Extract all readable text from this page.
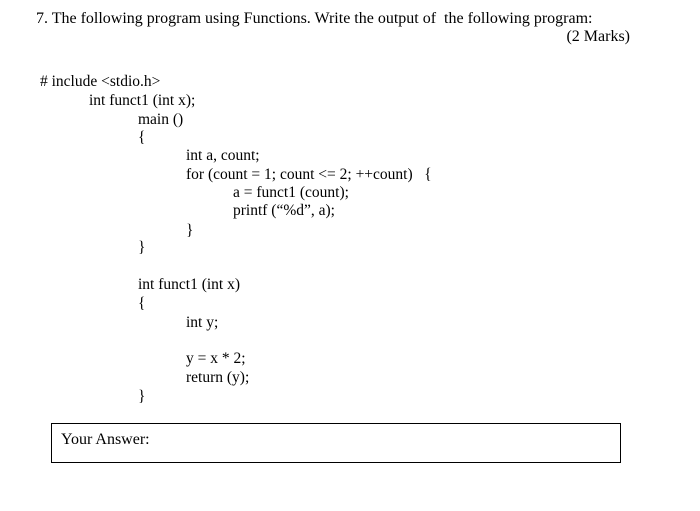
7. The following program using Functions. Write the output of  the following program:
(2 Marks)
# include <stdio.h>
int funct1 (int x);
main ()
{
int a, count;
for (count = 1; count <= 2; ++count)   {
a = funct1 (count);
printf (“%d”, a);
}
}
int funct1 (int x)
{
int y;
y = x * 2;
return (y);
}
Your Answer:
